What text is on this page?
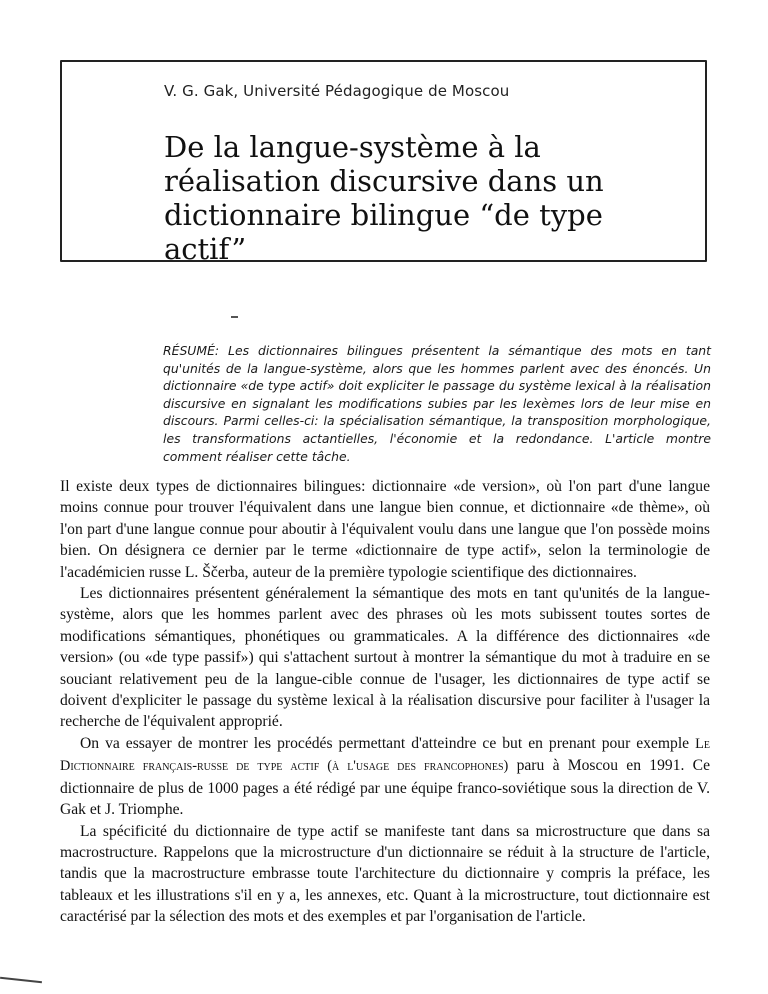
V. G. Gak, Université Pédagogique de Moscou
De la langue-système à la réalisation discursive dans un dictionnaire bilingue “de type actif”

RÉSUMÉ: Les dictionnaires bilingues présentent la sémantique des mots en tant qu'unités de la langue-système, alors que les hommes parlent avec des énoncés. Un dictionnaire «de type actif» doit expliciter le passage du système lexical à la réalisation discursive en signalant les modifications subies par les lexèmes lors de leur mise en discours. Parmi celles-ci: la spécialisation sémantique, la transposition morphologique, les transformations actantielles, l'économie et la redondance. L'article montre comment réaliser cette tâche.

Il existe deux types de dictionnaires bilingues: dictionnaire «de version», où l'on part d'une langue moins connue pour trouver l'équivalent dans une langue bien connue, et dictionnaire «de thème», où l'on part d'une langue connue pour aboutir à l'équivalent voulu dans une langue que l'on possède moins bien. On désignera ce dernier par le terme «dictionnaire de type actif», selon la terminologie de l'académicien russe L. Ščerba, auteur de la première typologie scientifique des dictionnaires.

Les dictionnaires présentent généralement la sémantique des mots en tant qu'unités de la langue-système, alors que les hommes parlent avec des phrases où les mots subissent toutes sortes de modifications sémantiques, phonétiques ou grammaticales. A la différence des dictionnaires «de version» (ou «de type passif») qui s'attachent surtout à montrer la sémantique du mot à traduire en se souciant relativement peu de la langue-cible connue de l'usager, les dictionnaires de type actif se doivent d'expliciter le passage du système lexical à la réalisation discursive pour faciliter à l'usager la recherche de l'équivalent approprié.

On va essayer de montrer les procédés permettant d'atteindre ce but en prenant pour exemple Le Dictionnaire français-russe de type actif (à l'usage des francophones) paru à Moscou en 1991. Ce dictionnaire de plus de 1000 pages a été rédigé par une équipe franco-soviétique sous la direction de V. Gak et J. Triomphe.

La spécificité du dictionnaire de type actif se manifeste tant dans sa microstructure que dans sa macrostructure. Rappelons que la microstructure d'un dictionnaire se réduit à la structure de l'article, tandis que la macrostructure embrasse toute l'architecture du dictionnaire y compris la préface, les tableaux et les illustrations s'il en y a, les annexes, etc. Quant à la microstructure, tout dictionnaire est caractérisé par la sélection des mots et des exemples et par l'organisation de l'article.
